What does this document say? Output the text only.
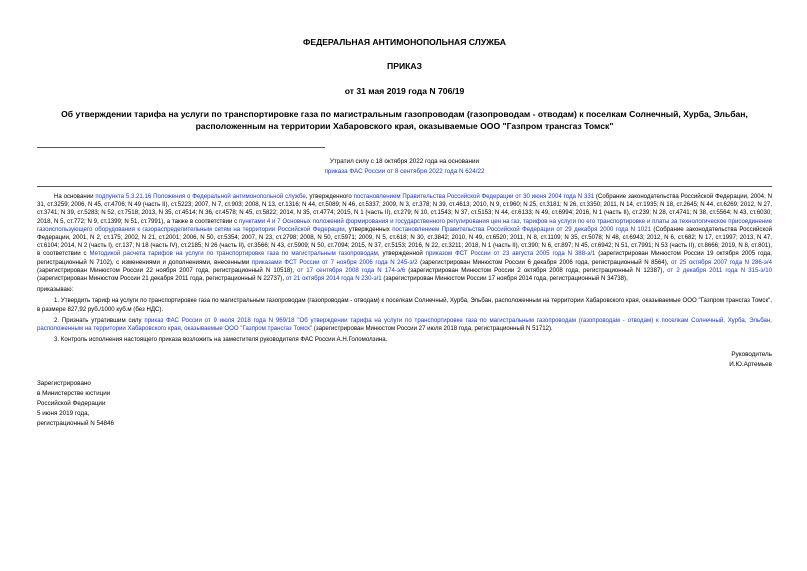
ФЕДЕРАЛЬНАЯ АНТИМОНОПОЛЬНАЯ СЛУЖБА
ПРИКАЗ
от 31 мая 2019 года N 706/19
Об утверждении тарифа на услуги по транспортировке газа по магистральным газопроводам (газопроводам - отводам) к поселкам Солнечный, Хурба, Эльбан, расположенным на территории Хабаровского края, оказываемые ООО "Газпром трансгаз Томск"
Утратил силу с 18 октября 2022 года на основании
приказа ФАС России от 8 сентября 2022 года N 624/22

На основании подпункта 5.3.21.16 Положения о Федеральной антимонопольной службе, утвержденного постановлением Правительства Российской Федерации от 30 июня 2004 года N 331 (Собрание законодательства Российской Федерации, 2004, N 31, ст.3259; 2006, N 45, ст.4706; N 49 (часть II), ст.5223; 2007, N 7, ст.903; 2008, N 13, ст.1316; N 44, ст.5089; N 46, ст.5337; 2009, N 3, ст.378; N 39, ст.4613; 2010, N 9, ст.960; N 25, ст.3181; N 26, ст.3350; 2011, N 14, ст.1935; N 18, ст.2645; N 44, ст.6269; 2012, N 27, ст.3741; N 39, ст.5283; N 52, ст.7518; 2013, N 35, ст.4514; N 36, ст.4578; N 45, ст.5822; 2014, N 35, ст.4774; 2015, N 1 (часть II), ст.279; N 10, ст.1543; N 37, ст.5153; N 44, ст.6133; N 49, ст.6994; 2016, N 1 (часть II), ст.239; N 28, ст.4741; N 38, ст.5564; N 43, ст.6030; 2018, N 5, ст.772; N 9, ст.1399; N 51, ст.7991), а также в соответствии с пунктами 4 и 7 Основных положений формирования и государственного регулирования цен на газ, тарифов на услуги по его транспортировке и платы за технологическое присоединение газоиспользующего оборудования к газораспределительным сетям на территории Российской Федерации, утвержденных постановлением Правительства Российской Федерации от 29 декабря 2000 года N 1021 (Собрание законодательства Российской Федерации, 2001, N 2, ст.175; 2002, N 21, ст.2001; 2006, N 50, ст.5354; 2007, N 23, ст.2798; 2008, N 50, ст.5971; 2009, N 5, ст.618; N 30, ст.3842; 2010, N 49, ст.6520; 2011, N 8, ст.1109; N 35, ст.5078; N 48, ст.6943; 2012, N 6, ст.682; N 17, ст.1997; 2013, N 47, ст.6104; 2014, N 2 (часть I), ст.137; N 18 (часть IV), ст.2185; N 26 (часть II), ст.3566; N 43, ст.5909; N 50, ст.7094; 2015, N 37, ст.5153; 2016, N 22, ст.3211; 2018, N 1 (часть II), ст.390; N 6, ст.897; N 45, ст.6942; N 51, ст.7991; N 53 (часть II), ст.8666; 2019, N 8, ст.801), в соответствии с Методикой расчета тарифов на услуги по транспортировке газа по магистральным газопроводам, утвержденной приказом ФСТ России от 23 августа 2005 года N 388-э/1 (зарегистрирован Минюстом России 19 октября 2005 года, регистрационный N 7102), с изменениями и дополнениями, внесенными приказами ФСТ России от 7 ноября 2006 года N 245-э/2 (зарегистрирован Минюстом России 6 декабря 2006 года, регистрационный N 8564), от 25 октября 2007 года N 286-э/4 (зарегистрирован Минюстом России 22 ноября 2007 года, регистрационный N 10518), от 17 сентября 2008 года N 174-э/6 (зарегистрирован Минюстом России 2 октября 2008 года, регистрационный N 12387), от 2 декабря 2011 года N 315-э/10 (зарегистрирован Минюстом России 21 декабря 2011 года, регистрационный N 22737), от 21 октября 2014 года N 230-э/1 (зарегистрирован Минюстом России 17 ноября 2014 года, регистрационный N 34738),

приказываю:

1. Утвердить тариф на услуги по транспортировке газа по магистральным газопроводам (газопроводам - отводам) к поселкам Солнечный, Хурба, Эльбан, расположенным на территории Хабаровского края, оказываемые ООО "Газпром трансгаз Томск", в размере 827,92 руб./1000 куб.м (без НДС).

2. Признать утратившим силу приказ ФАС России от 9 июля 2018 года N 969/18 "Об утверждении тарифа на услуги по транспортировке газа по магистральным газопроводам (газопроводам - отводам) к поселкам Солнечный, Хурба, Эльбан, расположенным на территории Хабаровского края, оказываемые ООО "Газпром трансгаз Томск" (зарегистрирован Минюстом России 27 июля 2018 года, регистрационный N 51712).

3. Контроль исполнения настоящего приказа возложить на заместителя руководителя ФАС России А.Н.Голомолзина.

Руководитель
И.Ю.Артемьев
Зарегистрировано
в Министерстве юстиции
Российской Федерации
5 июня 2019 года,
регистрационный N 54846
